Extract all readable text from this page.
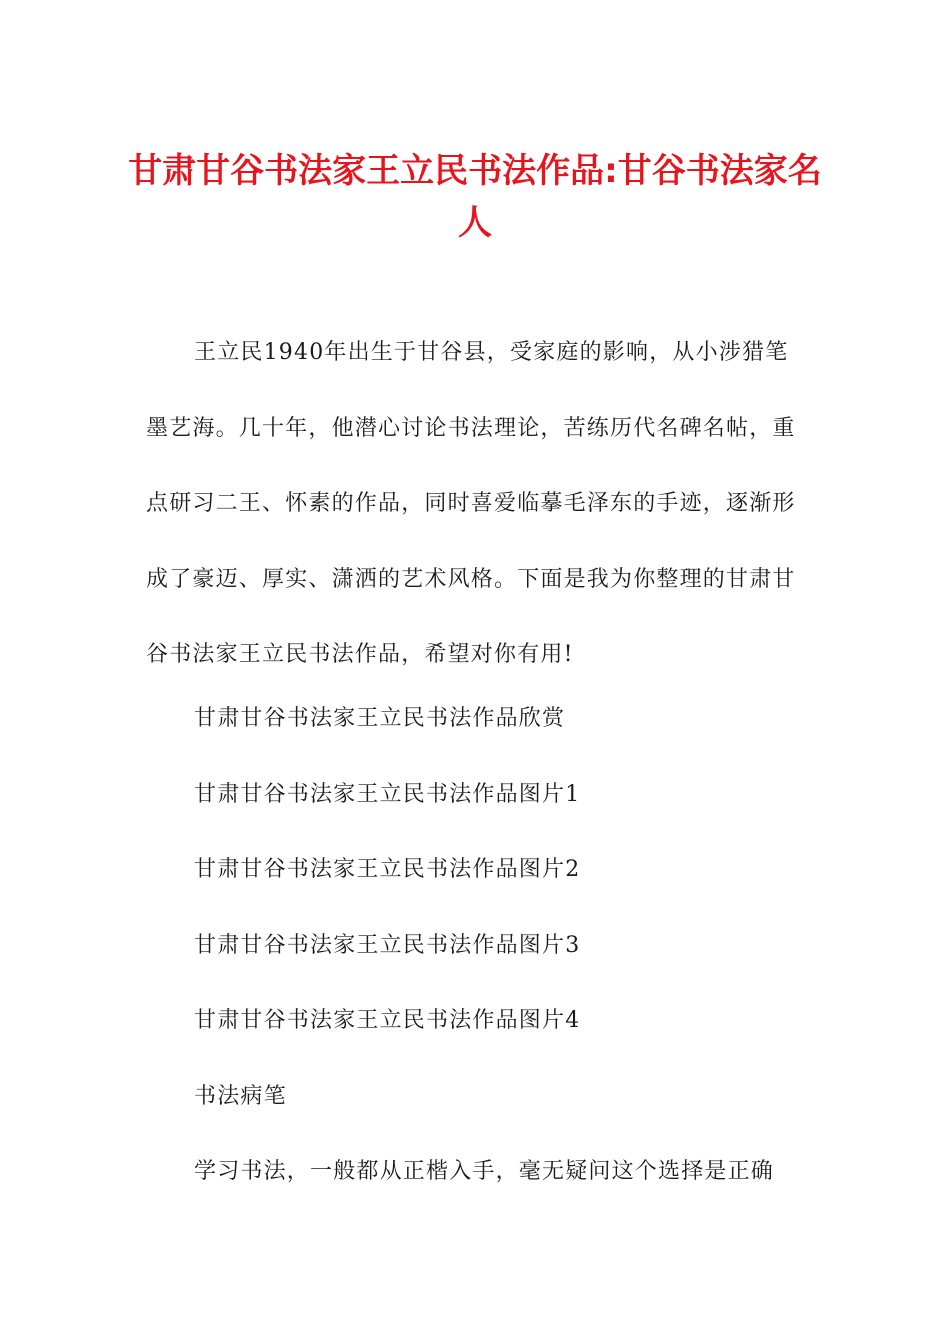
甘肃甘谷书法家王立民书法作品:甘谷书法家名人

王立民1940年出生于甘谷县，受家庭的影响，从小涉猎笔墨艺海。几十年，他潜心讨论书法理论，苦练历代名碑名帖，重点研习二王、怀素的作品，同时喜爱临摹毛泽东的手迹，逐渐形成了豪迈、厚实、潇洒的艺术风格。下面是我为你整理的甘肃甘谷书法家王立民书法作品，希望对你有用!

甘肃甘谷书法家王立民书法作品欣赏

甘肃甘谷书法家王立民书法作品图片1

甘肃甘谷书法家王立民书法作品图片2

甘肃甘谷书法家王立民书法作品图片3

甘肃甘谷书法家王立民书法作品图片4

书法病笔

学习书法，一般都从正楷入手，毫无疑问这个选择是正确
